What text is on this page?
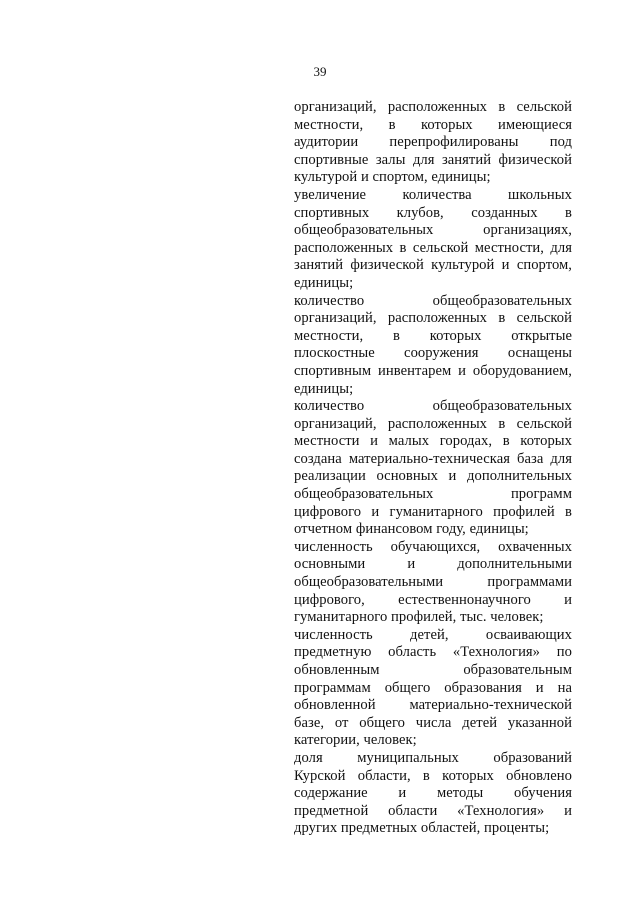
39
организаций, расположенных в сельской
местности, в которых имеющиеся
аудитории перепрофилированы под
спортивные залы для занятий физической
культурой и спортом, единицы;
увеличение количества школьных
спортивных клубов, созданных в
общеобразовательных организациях,
расположенных в сельской местности, для
занятий физической культурой и спортом,
единицы;
количество общеобразовательных
организаций, расположенных в сельской
местности, в которых открытые
плоскостные сооружения оснащены
спортивным инвентарем и оборудованием,
единицы;
количество общеобразовательных
организаций, расположенных в сельской
местности и малых городах, в которых
создана материально-техническая база для
реализации основных и дополнительных
общеобразовательных программ
цифрового и гуманитарного профилей в
отчетном финансовом году, единицы;
численность обучающихся, охваченных
основными и дополнительными
общеобразовательными программами
цифрового, естественнонаучного и
гуманитарного профилей, тыс. человек;
численность детей, осваивающих
предметную область «Технология» по
обновленным образовательным
программам общего образования и на
обновленной материально-технической
базе, от общего числа детей указанной
категории, человек;
доля муниципальных образований
Курской области, в которых обновлено
содержание и методы обучения
предметной области «Технология» и
других предметных областей, проценты;
